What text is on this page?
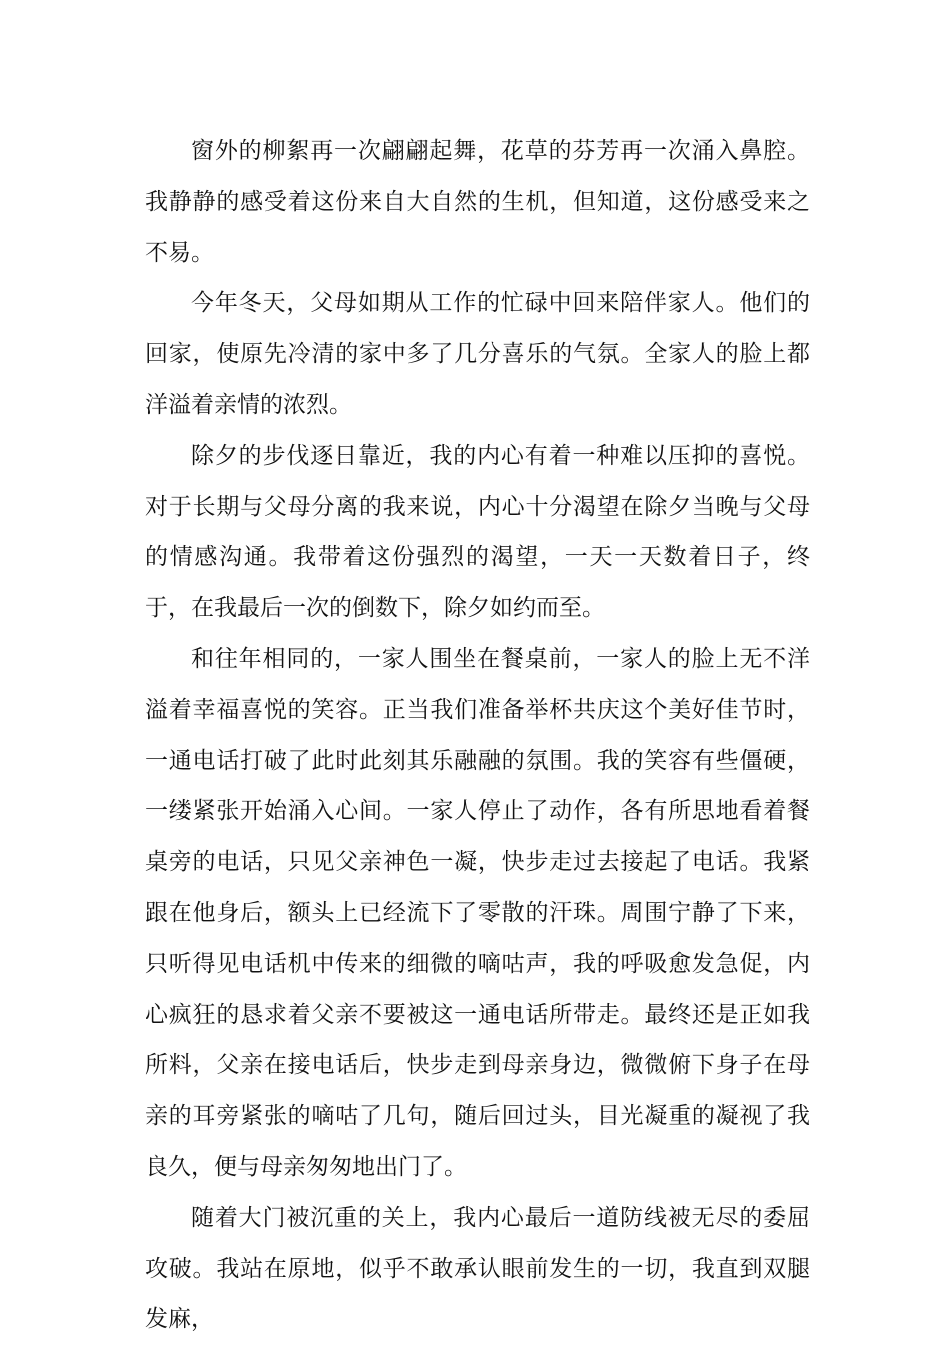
窗外的柳絮再一次翩翩起舞，花草的芬芳再一次涌入鼻腔。我静静的感受着这份来自大自然的生机，但知道，这份感受来之不易。

今年冬天，父母如期从工作的忙碌中回来陪伴家人。他们的回家，使原先冷清的家中多了几分喜乐的气氛。全家人的脸上都洋溢着亲情的浓烈。

除夕的步伐逐日靠近，我的内心有着一种难以压抑的喜悦。对于长期与父母分离的我来说，内心十分渴望在除夕当晚与父母的情感沟通。我带着这份强烈的渴望，一天一天数着日子，终于，在我最后一次的倒数下，除夕如约而至。

和往年相同的，一家人围坐在餐桌前，一家人的脸上无不洋溢着幸福喜悦的笑容。正当我们准备举杯共庆这个美好佳节时，一通电话打破了此时此刻其乐融融的氛围。我的笑容有些僵硬，一缕紧张开始涌入心间。一家人停止了动作，各有所思地看着餐桌旁的电话，只见父亲神色一凝，快步走过去接起了电话。我紧跟在他身后，额头上已经流下了零散的汗珠。周围宁静了下来，只听得见电话机中传来的细微的嘀咕声，我的呼吸愈发急促，内心疯狂的恳求着父亲不要被这一通电话所带走。最终还是正如我所料，父亲在接电话后，快步走到母亲身边，微微俯下身子在母亲的耳旁紧张的嘀咕了几句，随后回过头，目光凝重的凝视了我良久，便与母亲匆匆地出门了。

随着大门被沉重的关上，我内心最后一道防线被无尽的委屈攻破。我站在原地，似乎不敢承认眼前发生的一切，我直到双腿发麻，
